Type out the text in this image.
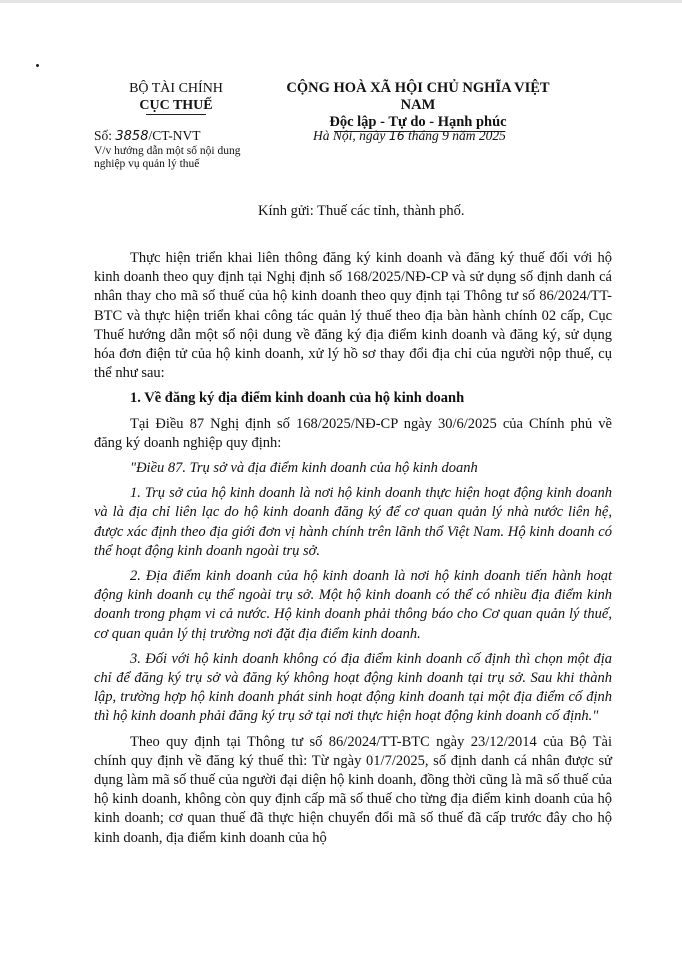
BỘ TÀI CHÍNH
CỤC THUẾ
CỘNG HOÀ XÃ HỘI CHỦ NGHĨA VIỆT NAM
Độc lập - Tự do - Hạnh phúc
Số: 3858/CT-NVT
V/v hướng dẫn một số nội dung nghiệp vụ quản lý thuế
Hà Nội, ngày 16 tháng 9 năm 2025
Kính gửi: Thuế các tỉnh, thành phố.

Thực hiện triển khai liên thông đăng ký kinh doanh và đăng ký thuế đối với hộ kinh doanh theo quy định tại Nghị định số 168/2025/NĐ-CP và sử dụng số định danh cá nhân thay cho mã số thuế của hộ kinh doanh theo quy định tại Thông tư số 86/2024/TT-BTC và thực hiện triển khai công tác quản lý thuế theo địa bàn hành chính 02 cấp, Cục Thuế hướng dẫn một số nội dung về đăng ký địa điểm kinh doanh và đăng ký, sử dụng hóa đơn điện tử của hộ kinh doanh, xử lý hồ sơ thay đổi địa chỉ của người nộp thuế, cụ thể như sau:

1. Về đăng ký địa điểm kinh doanh của hộ kinh doanh

Tại Điều 87 Nghị định số 168/2025/NĐ-CP ngày 30/6/2025 của Chính phủ về đăng ký doanh nghiệp quy định:

"Điều 87. Trụ sở và địa điểm kinh doanh của hộ kinh doanh

1. Trụ sở của hộ kinh doanh là nơi hộ kinh doanh thực hiện hoạt động kinh doanh và là địa chỉ liên lạc do hộ kinh doanh đăng ký để cơ quan quản lý nhà nước liên hệ, được xác định theo địa giới đơn vị hành chính trên lãnh thổ Việt Nam. Hộ kinh doanh có thể hoạt động kinh doanh ngoài trụ sở.

2. Địa điểm kinh doanh của hộ kinh doanh là nơi hộ kinh doanh tiến hành hoạt động kinh doanh cụ thể ngoài trụ sở. Một hộ kinh doanh có thể có nhiều địa điểm kinh doanh trong phạm vi cả nước. Hộ kinh doanh phải thông báo cho Cơ quan quản lý thuế, cơ quan quản lý thị trường nơi đặt địa điểm kinh doanh.

3. Đối với hộ kinh doanh không có địa điểm kinh doanh cố định thì chọn một địa chỉ để đăng ký trụ sở và đăng ký không hoạt động kinh doanh tại trụ sở. Sau khi thành lập, trường hợp hộ kinh doanh phát sinh hoạt động kinh doanh tại một địa điểm cố định thì hộ kinh doanh phải đăng ký trụ sở tại nơi thực hiện hoạt động kinh doanh cố định."

Theo quy định tại Thông tư số 86/2024/TT-BTC ngày 23/12/2014 của Bộ Tài chính quy định về đăng ký thuế thì: Từ ngày 01/7/2025, số định danh cá nhân được sử dụng làm mã số thuế của người đại diện hộ kinh doanh, đồng thời cũng là mã số thuế của hộ kinh doanh, không còn quy định cấp mã số thuế cho từng địa điểm kinh doanh của hộ kinh doanh; cơ quan thuế đã thực hiện chuyển đổi mã số thuế đã cấp trước đây cho hộ kinh doanh, địa điểm kinh doanh của hộ
